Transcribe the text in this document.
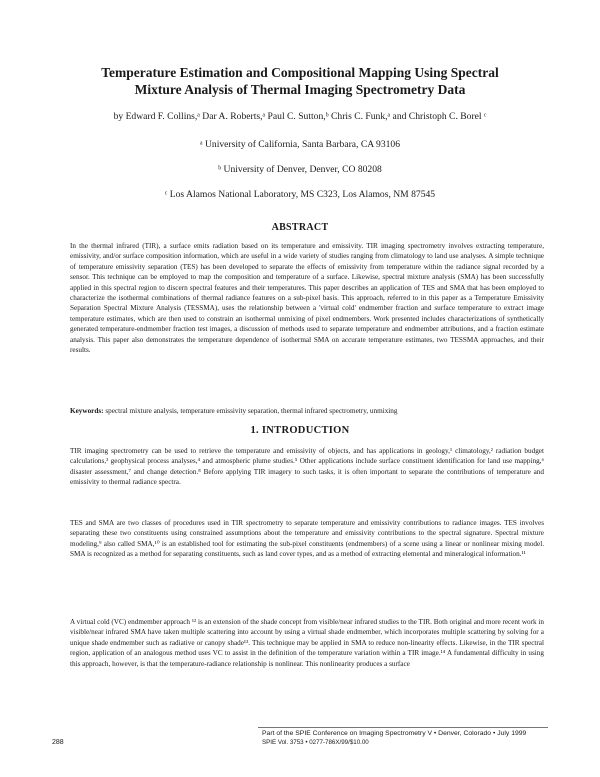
Temperature Estimation and Compositional Mapping Using Spectral
Mixture Analysis of Thermal Imaging Spectrometry Data
by Edward F. Collins,ᵃ Dar A. Roberts,ᵃ Paul C. Sutton,ᵇ Chris C. Funk,ᵃ and Christoph C. Borel ᶜ
ᵃ University of California, Santa Barbara, CA 93106
ᵇ University of Denver, Denver, CO 80208
ᶜ Los Alamos National Laboratory, MS C323, Los Alamos, NM 87545
ABSTRACT

In the thermal infrared (TIR), a surface emits radiation based on its temperature and emissivity. TIR imaging spectrometry involves extracting temperature, emissivity, and/or surface composition information, which are useful in a wide variety of studies ranging from climatology to land use analyses. A simple technique of temperature emissivity separation (TES) has been developed to separate the effects of emissivity from temperature within the radiance signal recorded by a sensor. This technique can be employed to map the composition and temperature of a surface. Likewise, spectral mixture analysis (SMA) has been successfully applied in this spectral region to discern spectral features and their temperatures. This paper describes an application of TES and SMA that has been employed to characterize the isothermal combinations of thermal radiance features on a sub-pixel basis. This approach, referred to in this paper as a Temperature Emissivity Separation Spectral Mixture Analysis (TESSMA), uses the relationship between a 'virtual cold' endmember fraction and surface temperature to extract image temperature estimates, which are then used to constrain an isothermal unmixing of pixel endmembers. Work presented includes characterizations of synthetically generated temperature-endmember fraction test images, a discussion of methods used to separate temperature and endmember attributions, and a fraction estimate analysis. This paper also demonstrates the temperature dependence of isothermal SMA on accurate temperature estimates, two TESSMA approaches, and their results.

Keywords: spectral mixture analysis, temperature emissivity separation, thermal infrared spectrometry, unmixing
1. INTRODUCTION

TIR imaging spectrometry can be used to retrieve the temperature and emissivity of objects, and has applications in geology,¹ climatology,² radiation budget calculations,³ geophysical process analyses,⁴ and atmospheric plume studies.⁵ Other applications include surface constituent identification for land use mapping,⁶ disaster assessment,⁷ and change detection.⁸ Before applying TIR imagery to such tasks, it is often important to separate the contributions of temperature and emissivity to thermal radiance spectra.

TES and SMA are two classes of procedures used in TIR spectrometry to separate temperature and emissivity contributions to radiance images. TES involves separating these two constituents using constrained assumptions about the temperature and emissivity contributions to the spectral signature. Spectral mixture modeling,⁹ also called SMA,¹⁰ is an established tool for estimating the sub-pixel constituents (endmembers) of a scene using a linear or nonlinear mixing model. SMA is recognized as a method for separating constituents, such as land cover types, and as a method of extracting elemental and mineralogical information.¹¹

A virtual cold (VC) endmember approach ¹² is an extension of the shade concept from visible/near infrared studies to the TIR. Both original and more recent work in visible/near infrared SMA have taken multiple scattering into account by using a virtual shade endmember, which incorporates multiple scattering by solving for a unique shade endmember such as radiative or canopy shade¹³. This technique may be applied in SMA to reduce non-linearity effects. Likewise, in the TIR spectral region, application of an analogous method uses VC to assist in the definition of the temperature variation within a TIR image.¹⁴ A fundamental difficulty in using this approach, however, is that the temperature-radiance relationship is nonlinear. This nonlinearity produces a surface

Part of the SPIE Conference on Imaging Spectrometry V • Denver, Colorado • July 1999
SPIE Vol. 3753 • 0277-786X/99/$10.00
288
